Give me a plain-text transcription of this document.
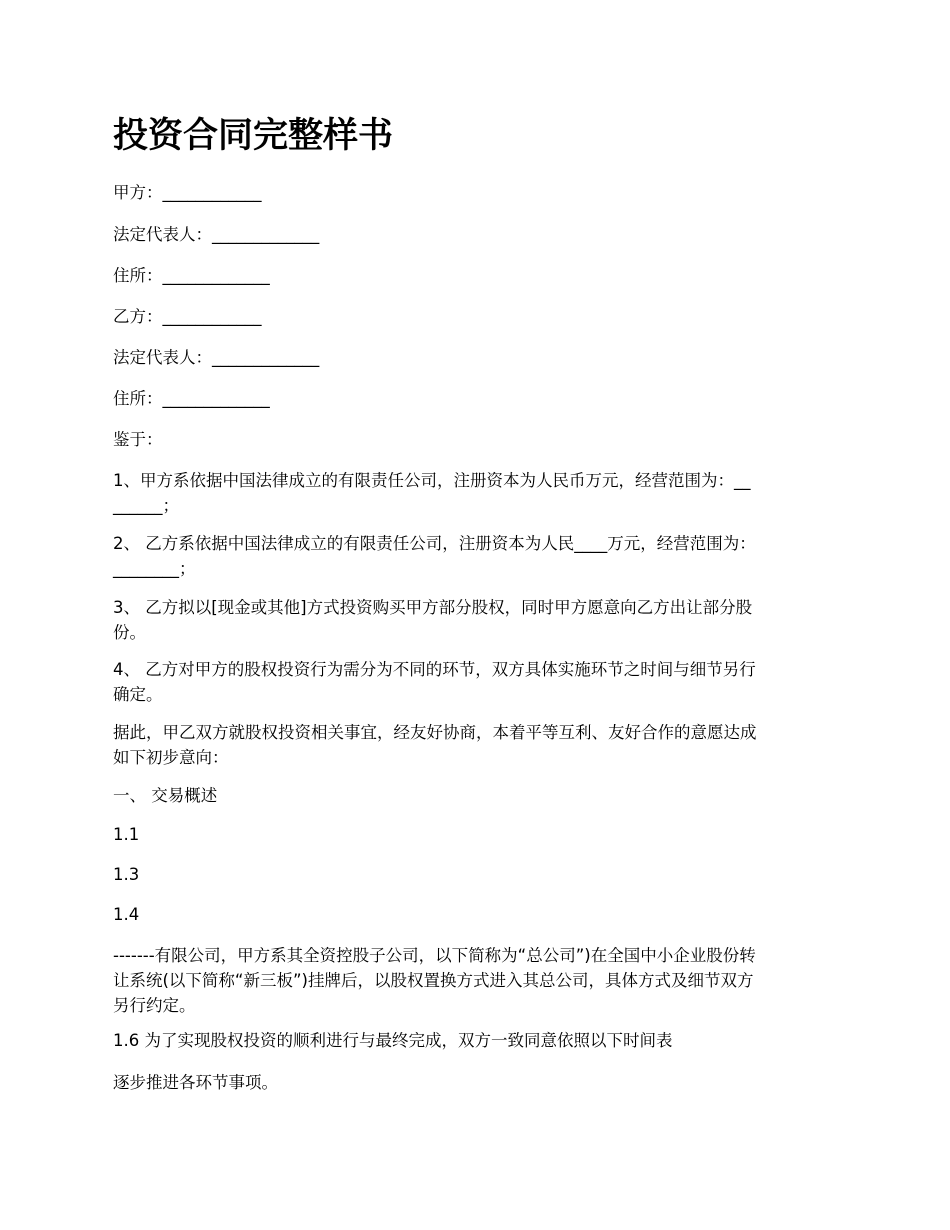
投资合同完整样书
甲方：____________
法定代表人：_____________
住所：_____________
乙方：____________
法定代表人：_____________
住所：_____________
鉴于：
1、甲方系依据中国法律成立的有限责任公司，注册资本为人民币万元，经营范围为：__
______；
2、 乙方系依据中国法律成立的有限责任公司，注册资本为人民____万元，经营范围为：
________；
3、 乙方拟以[现金或其他]方式投资购买甲方部分股权，同时甲方愿意向乙方出让部分股
份。
4、 乙方对甲方的股权投资行为需分为不同的环节，双方具体实施环节之时间与细节另行
确定。
据此，甲乙双方就股权投资相关事宜，经友好协商，本着平等互利、友好合作的意愿达成
如下初步意向：
一、 交易概述
1.1
1.3
1.4
-------有限公司，甲方系其全资控股子公司，以下简称为“总公司”)在全国中小企业股份转
让系统(以下简称“新三板”)挂牌后，以股权置换方式进入其总公司，具体方式及细节双方
另行约定。
1.6 为了实现股权投资的顺利进行与最终完成，双方一致同意依照以下时间表
逐步推进各环节事项。
